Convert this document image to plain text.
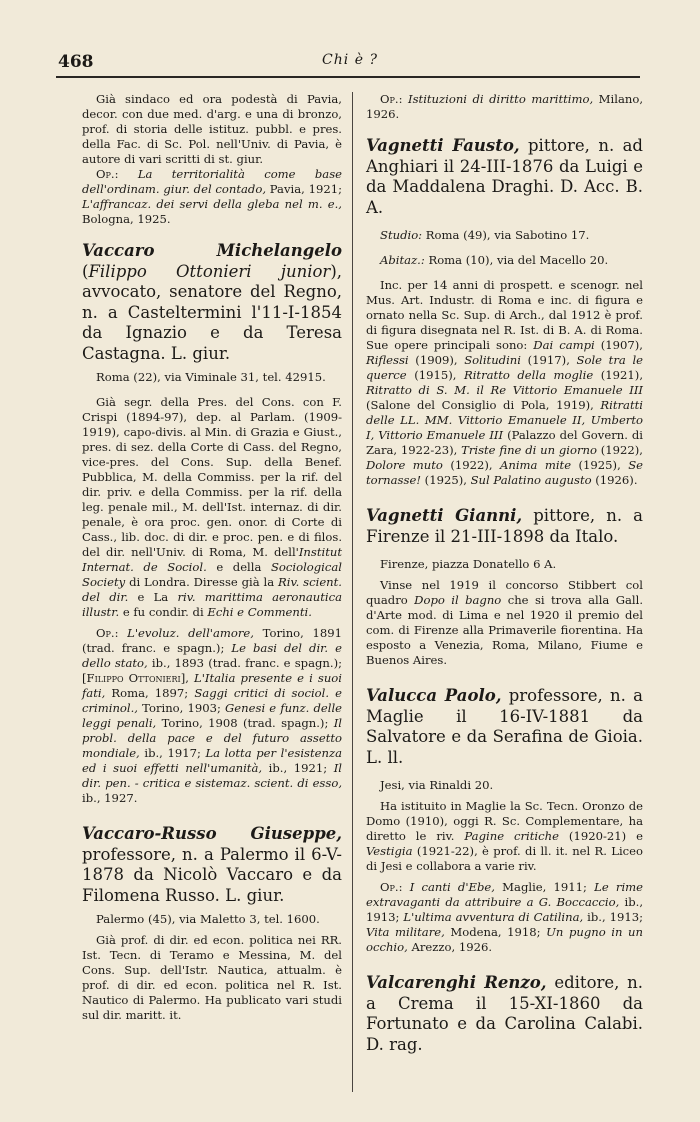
468	Chi è ?

Già sindaco ed ora podestà di Pavia, decor. con due med. d'arg. e una di bronzo, prof. di storia delle istituz. pubbl. e pres. della Fac. di Sc. Pol. nell'Univ. di Pavia, è autore di vari scritti di st. giur.

Op.: La territorialità come base dell'ordinam. giur. del contado, Pavia, 1921; L'affrancaz. dei servi della gleba nel m. e., Bologna, 1925.

Vaccaro Michelangelo (Filippo Ottonieri junior), avvocato, senatore del Regno, n. a Casteltermini l'11-I-1854 da Ignazio e da Teresa Castagna. L. giur.

Roma (22), via Viminale 31, tel. 42915.

Già segr. della Pres. del Cons. con F. Crispi (1894-97), dep. al Parlam. (1909-1919), capo-divis. al Min. di Grazia e Giust., pres. di sez. della Corte di Cass. del Regno, vice-pres. del Cons. Sup. della Benef. Pubblica, M. della Commiss. per la rif. del dir. priv. e della Commiss. per la rif. della leg. penale mil., M. dell'Ist. internaz. di dir. penale, è ora proc. gen. onor. di Corte di Cass., lib. doc. di dir. e proc. pen. e di filos. del dir. nell'Univ. di Roma, M. dell'Institut Internat. de Sociol. e della Sociological Society di Londra. Diresse già la Riv. scient. del dir. e La riv. marittima aeronautica illustr. e fu condir. di Echi e Commenti.

Op.: L'evoluz. dell'amore, Torino, 1891 (trad. franc. e spagn.); Le basi del dir. e dello stato, ib., 1893 (trad. franc. e spagn.); [Filippo Ottonieri], L'Italia presente e i suoi fati, Roma, 1897; Saggi critici di sociol. e criminol., Torino, 1903; Genesi e funz. delle leggi penali, Torino, 1908 (trad. spagn.); Il probl. della pace e del futuro assetto mondiale, ib., 1917; La lotta per l'esistenza ed i suoi effetti nell'umanità, ib., 1921; Il dir. pen. - critica e sistemaz. scient. di esso, ib., 1927.

Vaccaro-Russo Giuseppe, professore, n. a Palermo il 6-V-1878 da Nicolò Vaccaro e da Filomena Russo. L. giur.

Palermo (45), via Maletto 3, tel. 1600.

Già prof. di dir. ed econ. politica nei RR. Ist. Tecn. di Teramo e Messina, M. del Cons. Sup. dell'Istr. Nautica, attualm. è prof. di dir. ed econ. politica nel R. Ist. Nautico di Palermo. Ha publicato vari studi sul dir. maritt. it.

Op.: Istituzioni di diritto marittimo, Milano, 1926.

Vagnetti Fausto, pittore, n. ad Anghiari il 24-III-1876 da Luigi e da Maddalena Draghi. D. Acc. B. A.

Studio: Roma (49), via Sabotino 17.

Abitaz.: Roma (10), via del Macello 20.

Inc. per 14 anni di prospett. e scenogr. nel Mus. Art. Industr. di Roma e inc. di figura e ornato nella Sc. Sup. di Arch., dal 1912 è prof. di figura disegnata nel R. Ist. di B. A. di Roma. Sue opere principali sono: Dai campi (1907), Riflessi (1909), Solitudini (1917), Sole tra le querce (1915), Ritratto della moglie (1921), Ritratto di S. M. il Re Vittorio Emanuele III (Salone del Consiglio di Pola, 1919), Ritratti delle LL. MM. Vittorio Emanuele II, Umberto I, Vittorio Emanuele III (Palazzo del Govern. di Zara, 1922-23), Triste fine di un giorno (1922), Dolore muto (1922), Anima mite (1925), Se tornasse! (1925), Sul Palatino augusto (1926).

Vagnetti Gianni, pittore, n. a Firenze il 21-III-1898 da Italo.

Firenze, piazza Donatello 6 A.

Vinse nel 1919 il concorso Stibbert col quadro Dopo il bagno che si trova alla Gall. d'Arte mod. di Lima e nel 1920 il premio del com. di Firenze alla Primaverile fiorentina. Ha esposto a Venezia, Roma, Milano, Fiume e Buenos Aires.

Valucca Paolo, professore, n. a Maglie il 16-IV-1881 da Salvatore e da Serafina de Gioia. L. ll.

Jesi, via Rinaldi 20.

Ha istituito in Maglie la Sc. Tecn. Oronzo de Domo (1910), oggi R. Sc. Complementare, ha diretto le riv. Pagine critiche (1920-21) e Vestigia (1921-22), è prof. di ll. it. nel R. Liceo di Jesi e collabora a varie riv.

Op.: I canti d'Ebe, Maglie, 1911; Le rime extravaganti da attribuire a G. Boccaccio, ib., 1913; L'ultima avventura di Catilina, ib., 1913; Vita militare, Modena, 1918; Un pugno in un occhio, Arezzo, 1926.

Valcarenghi Renzo, editore, n. a Crema il 15-XI-1860 da Fortunato e da Carolina Calabi. D. rag.
